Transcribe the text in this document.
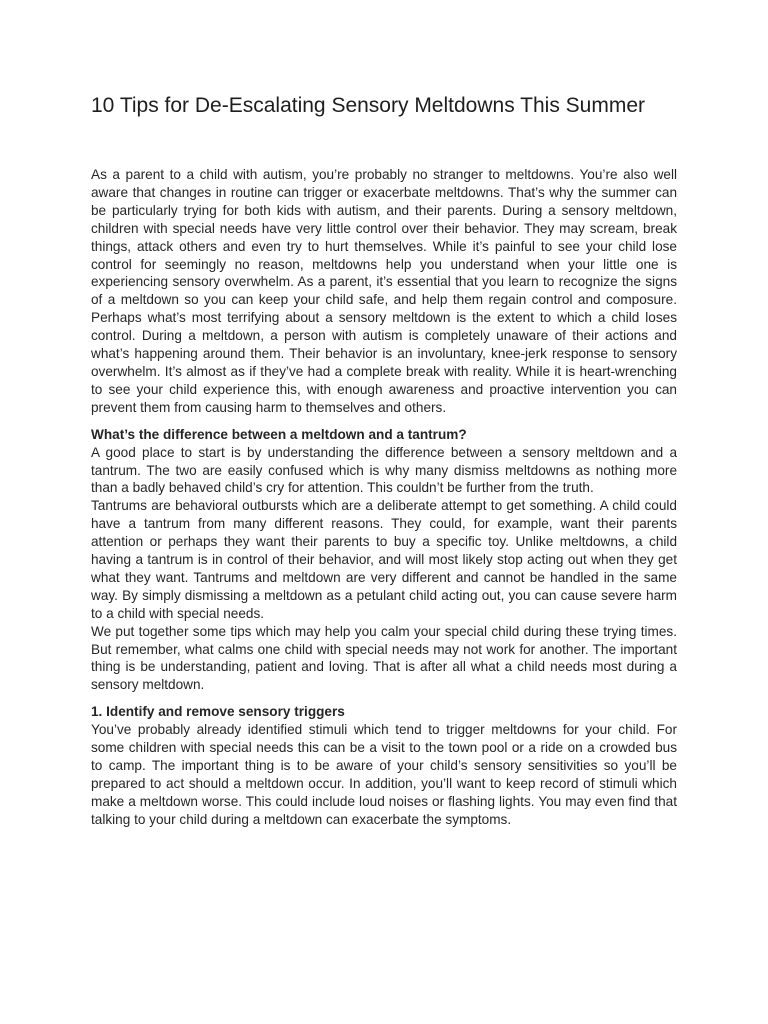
10 Tips for De-Escalating Sensory Meltdowns This Summer

As a parent to a child with autism, you’re probably no stranger to meltdowns. You’re also well aware that changes in routine can trigger or exacerbate meltdowns. That’s why the summer can be particularly trying for both kids with autism, and their parents. During a sensory meltdown, children with special needs have very little control over their behavior. They may scream, break things, attack others and even try to hurt themselves. While it’s painful to see your child lose control for seemingly no reason, meltdowns help you understand when your little one is experiencing sensory overwhelm. As a parent, it’s essential that you learn to recognize the signs of a meltdown so you can keep your child safe, and help them regain control and composure. Perhaps what’s most terrifying about a sensory meltdown is the extent to which a child loses control. During a meltdown, a person with autism is completely unaware of their actions and what’s happening around them. Their behavior is an involuntary, knee-jerk response to sensory overwhelm. It’s almost as if they’ve had a complete break with reality. While it is heart-wrenching to see your child experience this, with enough awareness and proactive intervention you can prevent them from causing harm to themselves and others.

What’s the difference between a meltdown and a tantrum?

A good place to start is by understanding the difference between a sensory meltdown and a tantrum. The two are easily confused which is why many dismiss meltdowns as nothing more than a badly behaved child’s cry for attention. This couldn’t be further from the truth.

Tantrums are behavioral outbursts which are a deliberate attempt to get something. A child could have a tantrum from many different reasons. They could, for example, want their parents attention or perhaps they want their parents to buy a specific toy. Unlike meltdowns, a child having a tantrum is in control of their behavior, and will most likely stop acting out when they get what they want. Tantrums and meltdown are very different and cannot be handled in the same way. By simply dismissing a meltdown as a petulant child acting out, you can cause severe harm to a child with special needs.

We put together some tips which may help you calm your special child during these trying times. But remember, what calms one child with special needs may not work for another. The important thing is be understanding, patient and loving. That is after all what a child needs most during a sensory meltdown.

1. Identify and remove sensory triggers

You’ve probably already identified stimuli which tend to trigger meltdowns for your child. For some children with special needs this can be a visit to the town pool or a ride on a crowded bus to camp. The important thing is to be aware of your child’s sensory sensitivities so you’ll be prepared to act should a meltdown occur. In addition, you’ll want to keep record of stimuli which make a meltdown worse. This could include loud noises or flashing lights. You may even find that talking to your child during a meltdown can exacerbate the symptoms.
